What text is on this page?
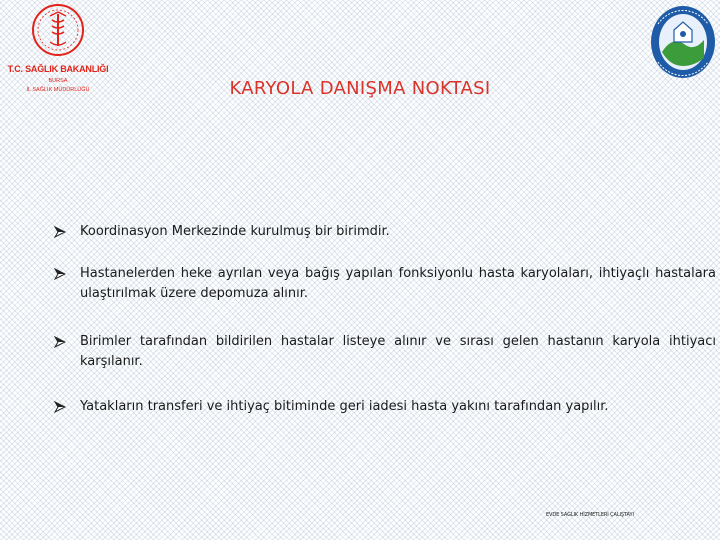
T.C. SAĞLIK BAKANLIĞI
BURSA
İL SAĞLIK MÜDÜRLÜĞÜ	KARYOLA DANIŞMA NOKTASI
Koordinasyon Merkezinde kurulmuş bir birimdir.
Hastanelerden heke ayrılan veya bağış yapılan fonksiyonlu hasta karyolaları, ihtiyaçlı hastalara ulaştırılmak üzere depomuza alınır.
Birimler tarafından bildirilen hastalar listeye alınır ve sırası gelen hastanın karyola ihtiyacı karşılanır.
Yatakların transferi ve ihtiyaç bitiminde geri iadesi hasta yakını tarafından yapılır.
EVDE SAĞLIK HİZMETLERİ ÇALIŞTAYI
